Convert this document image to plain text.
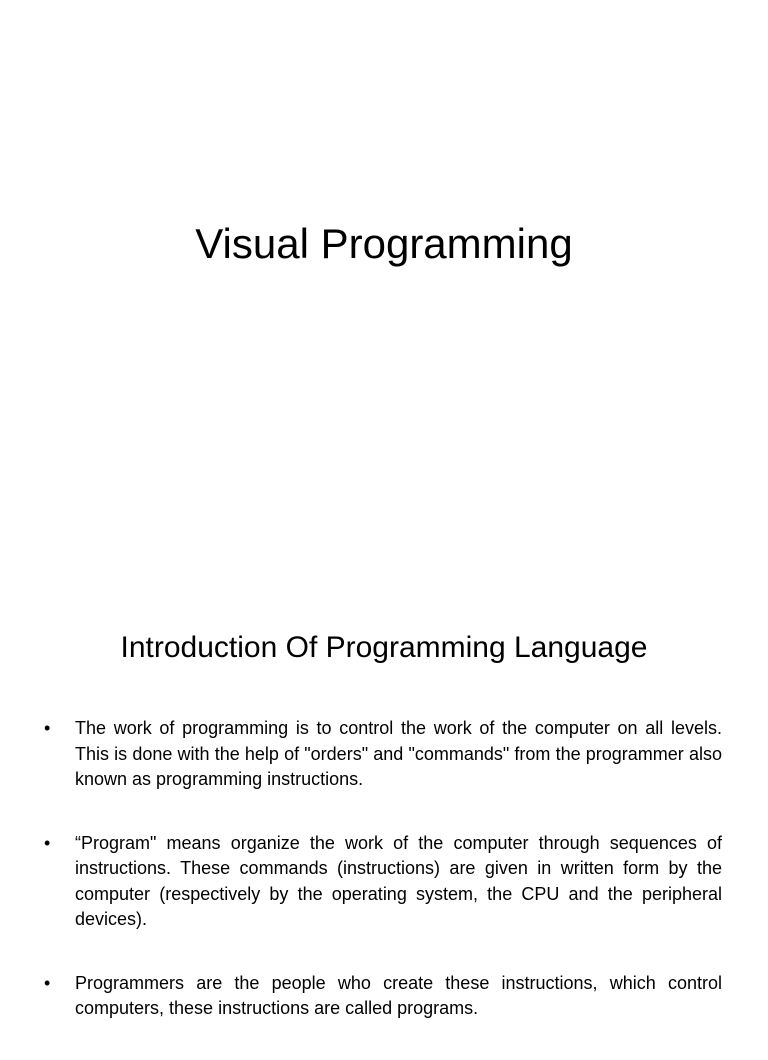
Visual Programming
Introduction Of Programming Language
•	The work of programming is to control the work of the computer on all levels. This is done with the help of "orders" and "commands" from the programmer also known as programming instructions.
•	“Program" means organize the work of the computer through sequences of instructions. These commands (instructions) are given in written form by the computer (respectively by the operating system, the CPU and the peripheral devices).
•	Programmers are the people who create these instructions, which control computers, these instructions are called programs.
